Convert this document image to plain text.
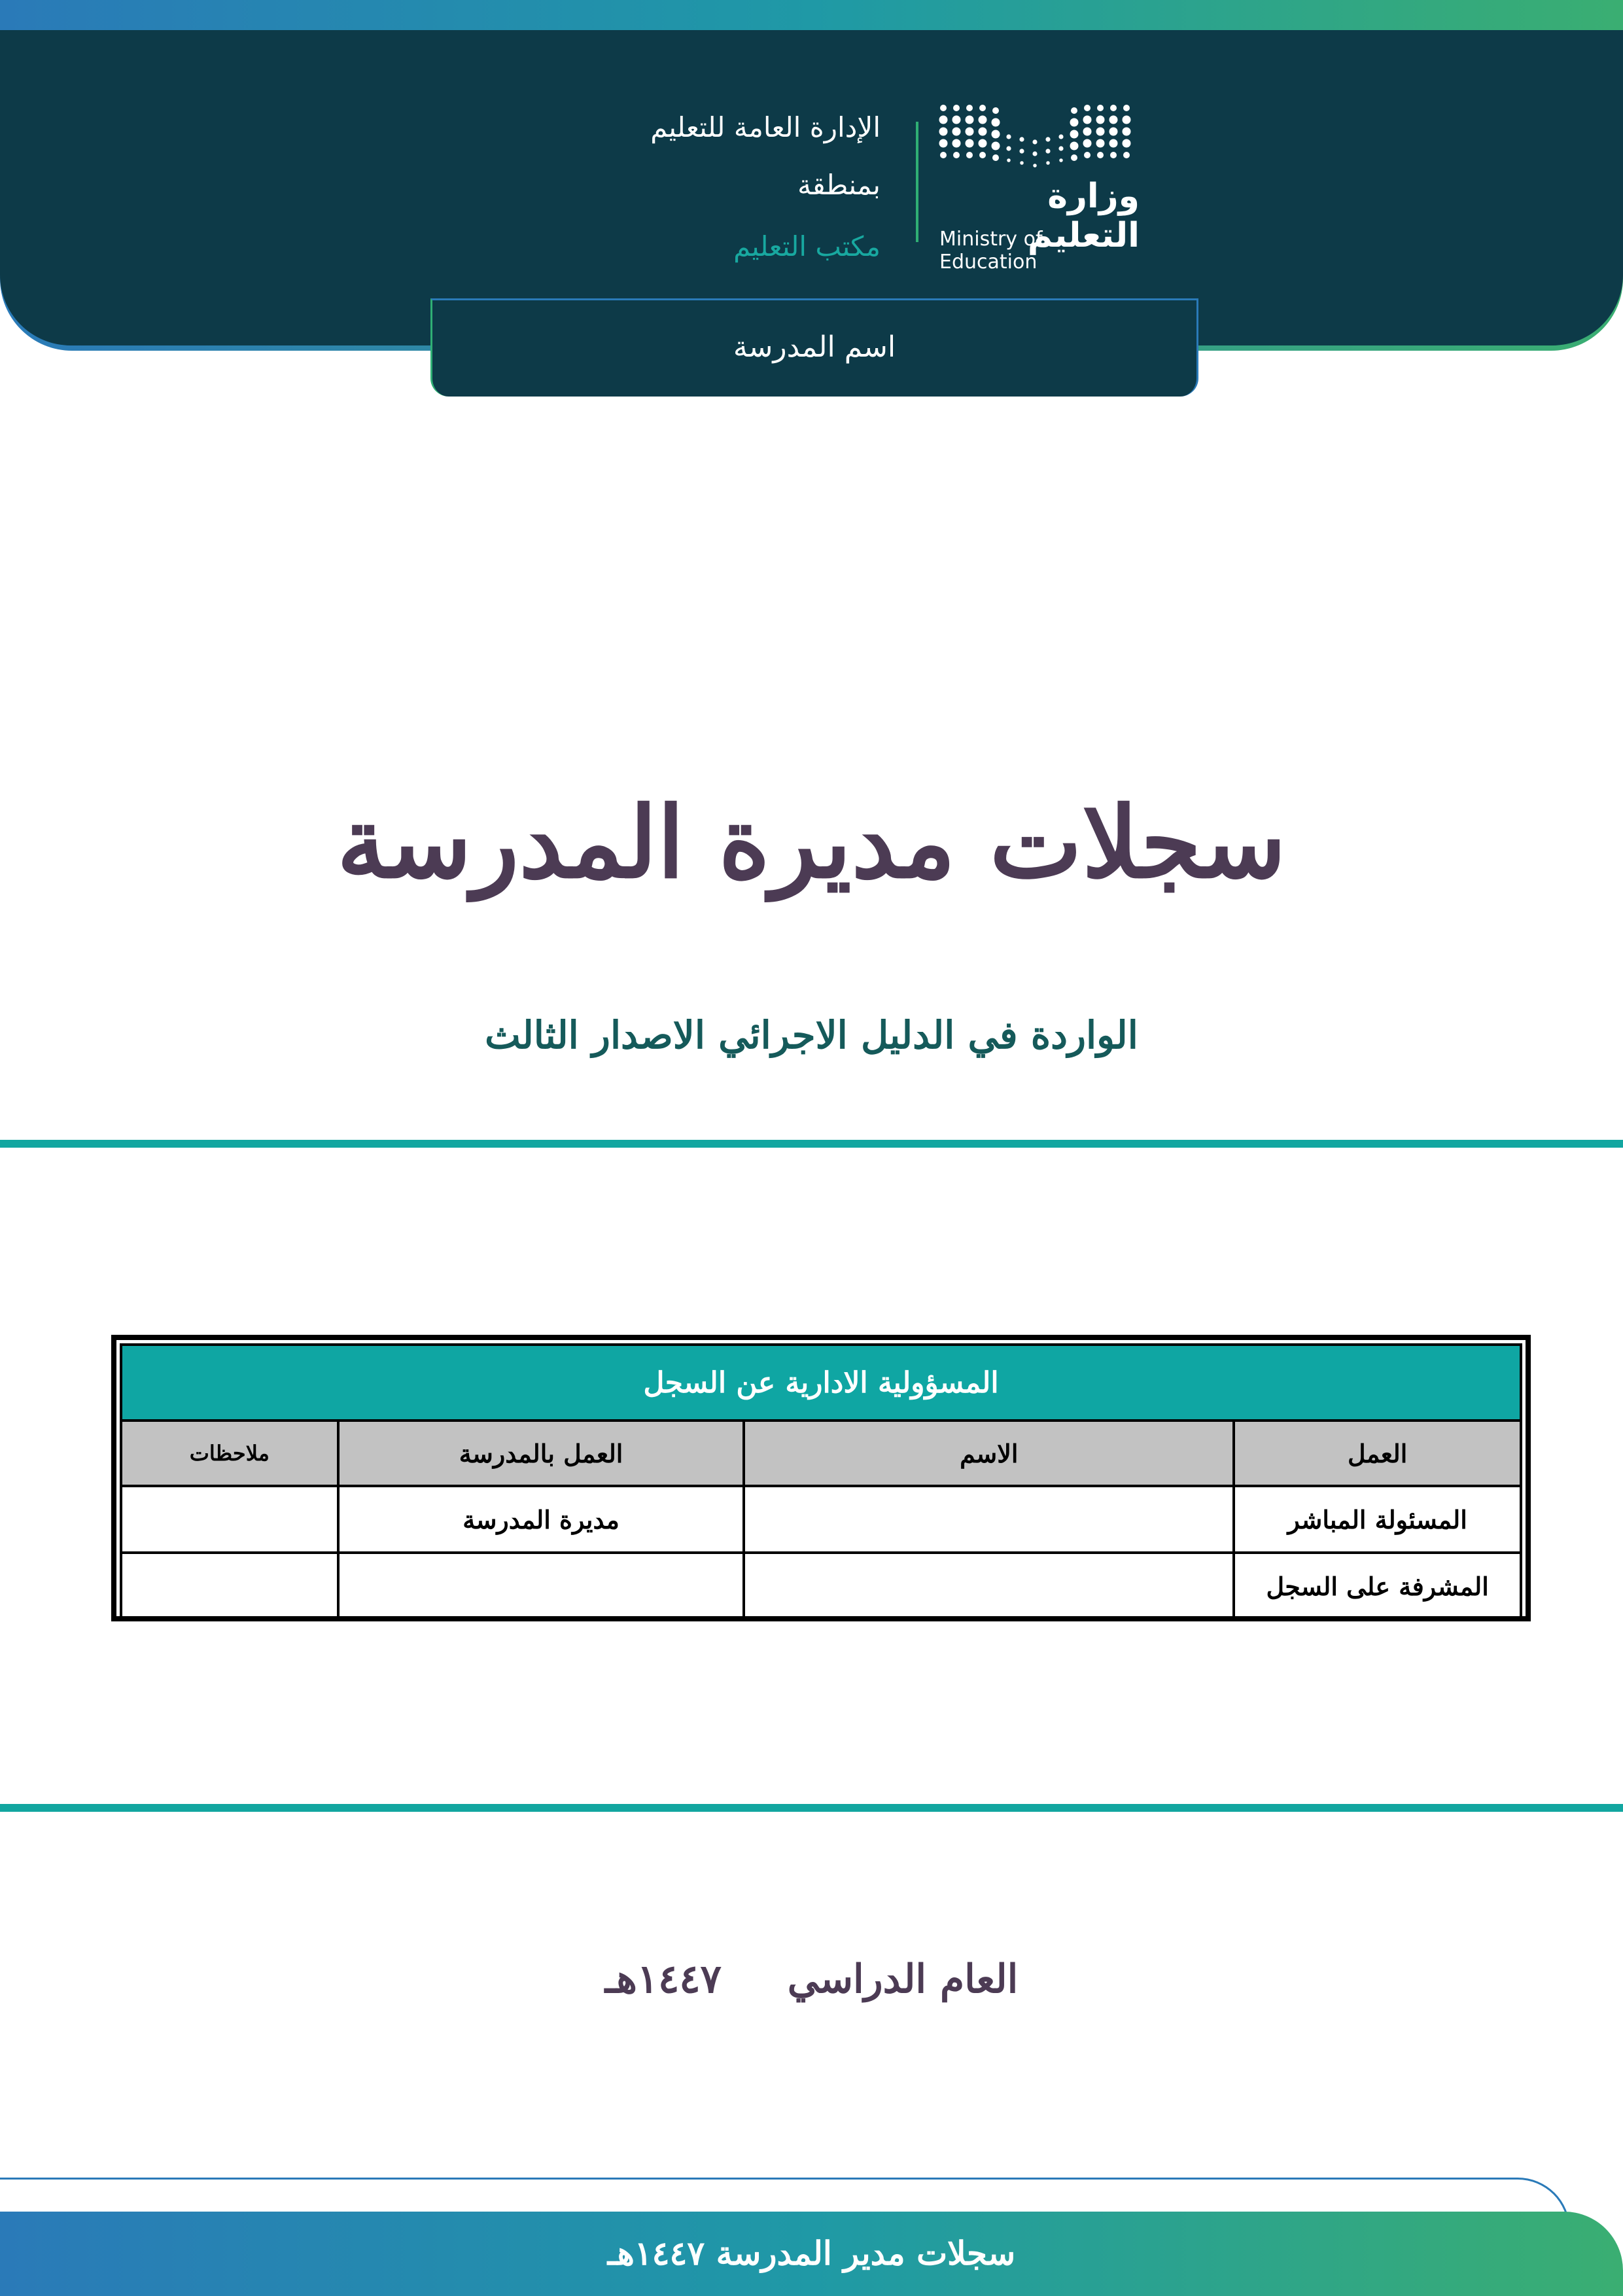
الإدارة العامة للتعليم
بمنطقة
مكتب التعليم
وزارة التعليم
Ministry of Education
اسم المدرسة
سجلات مديرة المدرسة
الواردة في الدليل الاجرائي الاصدار الثالث
المسؤولية الادارية عن السجل			
العمل	الاسم	العمل بالمدرسة	ملاحظات
المسئولة المباشر		مديرة المدرسة	
المشرفة على السجل			
العام الدراسي ١٤٤٧هـ
سجلات مدير المدرسة ١٤٤٧هـ
